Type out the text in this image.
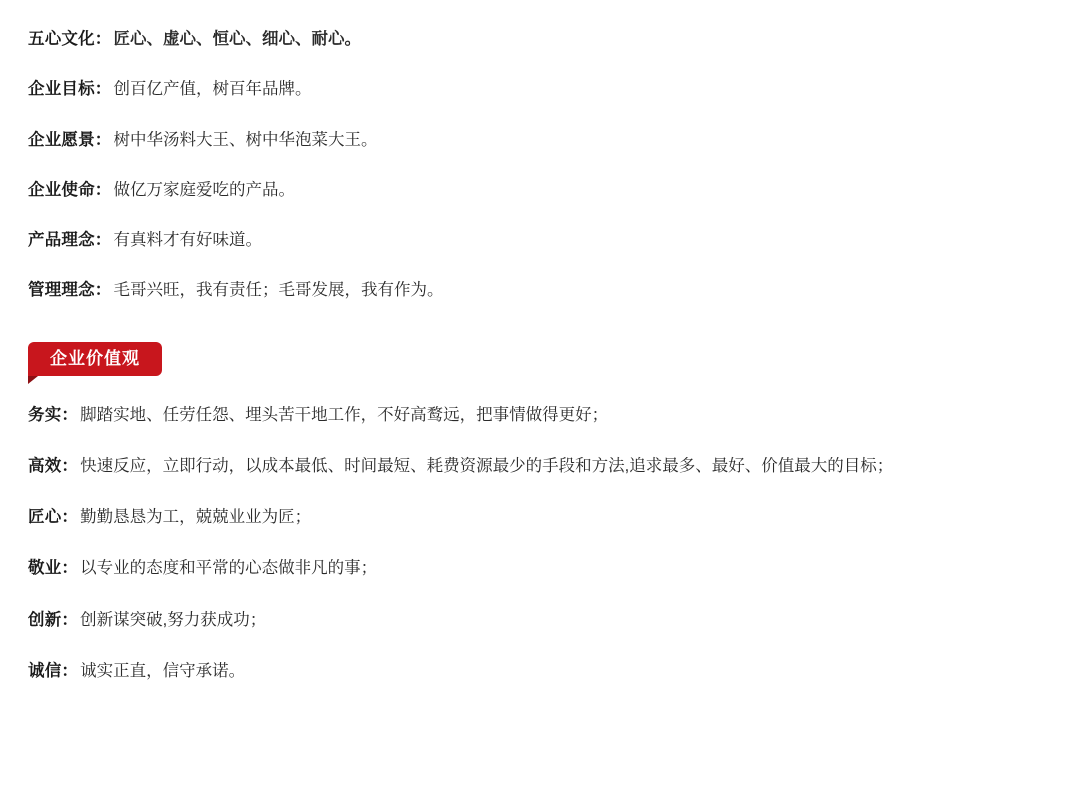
五心文化： 匠心、虚心、恒心、细心、耐心。

企业目标： 创百亿产值，树百年品牌。

企业愿景： 树中华汤料大王、树中华泡菜大王。

企业使命： 做亿万家庭爱吃的产品。

产品理念： 有真料才有好味道。

管理理念： 毛哥兴旺，我有责任；毛哥发展，我有作为。

企业价值观

务实： 脚踏实地、任劳任怨、埋头苦干地工作，不好高鹜远，把事情做得更好；

高效： 快速反应，立即行动，以成本最低、时间最短、耗费资源最少的手段和方法,追求最多、最好、价值最大的目标；

匠心： 勤勤恳恳为工，兢兢业业为匠；

敬业： 以专业的态度和平常的心态做非凡的事；

创新： 创新谋突破,努力获成功；

诚信： 诚实正直，信守承诺。
